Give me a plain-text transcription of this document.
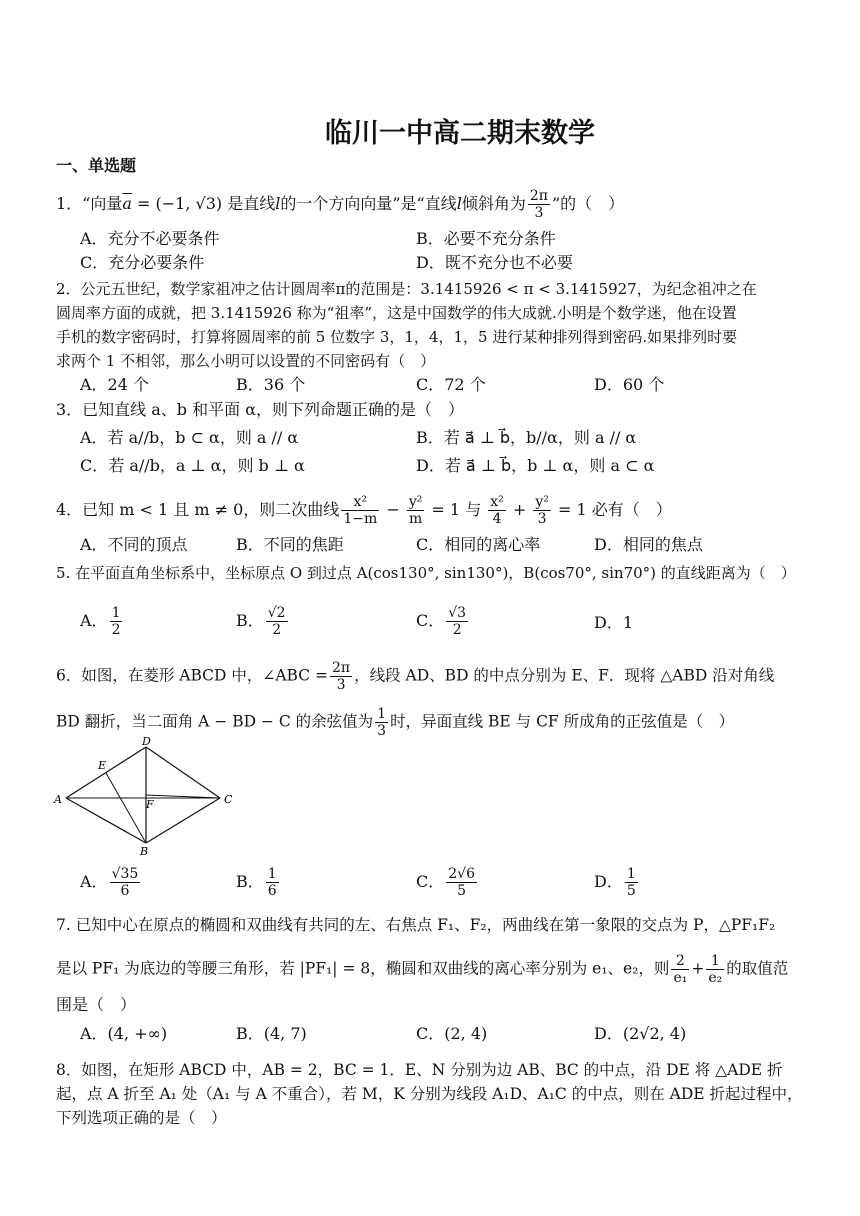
临川一中高二期末数学
一、单选题
1．“向量$\overline{a} = (-1$, √3) 是直线l的一个方向向量”是“直线l倾斜角为 $\frac{2\pi}{3}$ ”的（　）
A．充分不必要条件	B．必要不充分条件
C．充分必要条件	D．既不充分也不必要
2．公元五世纪，数学家祖冲之估计圆周率π的范围是：3.1415926 < π < 3.1415927，为纪念祖冲之在
圆周率方面的成就，把 3.1415926 称为“祖率”，这是中国数学的伟大成就.小明是个数学迷，他在设置
手机的数字密码时，打算将圆周率的前 5 位数字 3，1，4，1，5 进行某种排列得到密码.如果排列时要
求两个 1 不相邻，那么小明可以设置的不同密码有（　）
A．24 个	B．36 个	C．72 个	D．60 个
3．已知直线 a、b 和平面 α，则下列命题正确的是（　）
A．若 a//b，b ⊂ α，则 a // α	B．若 a⃗ ⊥ b⃗，b//α，则 a // α
C．若 a//b，a ⊥ α，则 b ⊥ α	D．若 a⃗ ⊥ b⃗，b ⊥ α，则 a ⊂ α
4．已知 m < 1 且 m ≠ 0，则二次曲线 $\frac{\text{x²}}{1-m} - \frac{\text{y²}}{m} = 1$ 与 $\frac{\text{x²}}{4} + \frac{\text{y²}}{3} = 1$ 必有（　）
A．不同的顶点	B．不同的焦距	C．相同的离心率	D．相同的焦点
5. 在平面直角坐标系中，坐标原点 O 到过点 A(cos130°, sin130°)，B(cos70°, sin70°) 的直线距离为（　）
A． $\frac{1}{2}$	B． $\frac{√2}{2}$	C． $\frac{√3}{2}$	D．1
6．如图，在菱形 ABCD 中，∠ABC = $\frac{2\pi}{3}$ ，线段 AD、BD 的中点分别为 E、F．现将 △ABD 沿对角线
BD 翻折，当二面角 A − BD − C 的余弦值为 $\frac{1}{3}$ 时，异面直线 BE 与 CF 所成角的正弦值是（　）
A
B
C
D
E
F
A． $\frac{√35}{6}$	B． $\frac{1}{6}$	C． $\frac{2√6}{5}$	D． $\frac{1}{5}$
7. 已知中心在原点的椭圆和双曲线有共同的左、右焦点 F₁、F₂，两曲线在第一象限的交点为 P，△PF₁F₂
是以 PF₁ 为底边的等腰三角形，若 |PF₁| = 8，椭圆和双曲线的离心率分别为 e₁、e₂，则 $\frac{2}{\text{e₁}} + \frac{1}{\text{e₂}}$ 的取值范
围是（　）
A．(4, +∞)	B．(4, 7)	C．(2, 4)	D．(2√2, 4)
8．如图，在矩形 ABCD 中，AB = 2，BC = 1．E、N 分别为边 AB、BC 的中点，沿 DE 将 △ADE 折
起，点 A 折至 A₁ 处（A₁ 与 A 不重合），若 M，K 分别为线段 A₁D、A₁C 的中点，则在 ADE 折起过程中，
下列选项正确的是（　）
